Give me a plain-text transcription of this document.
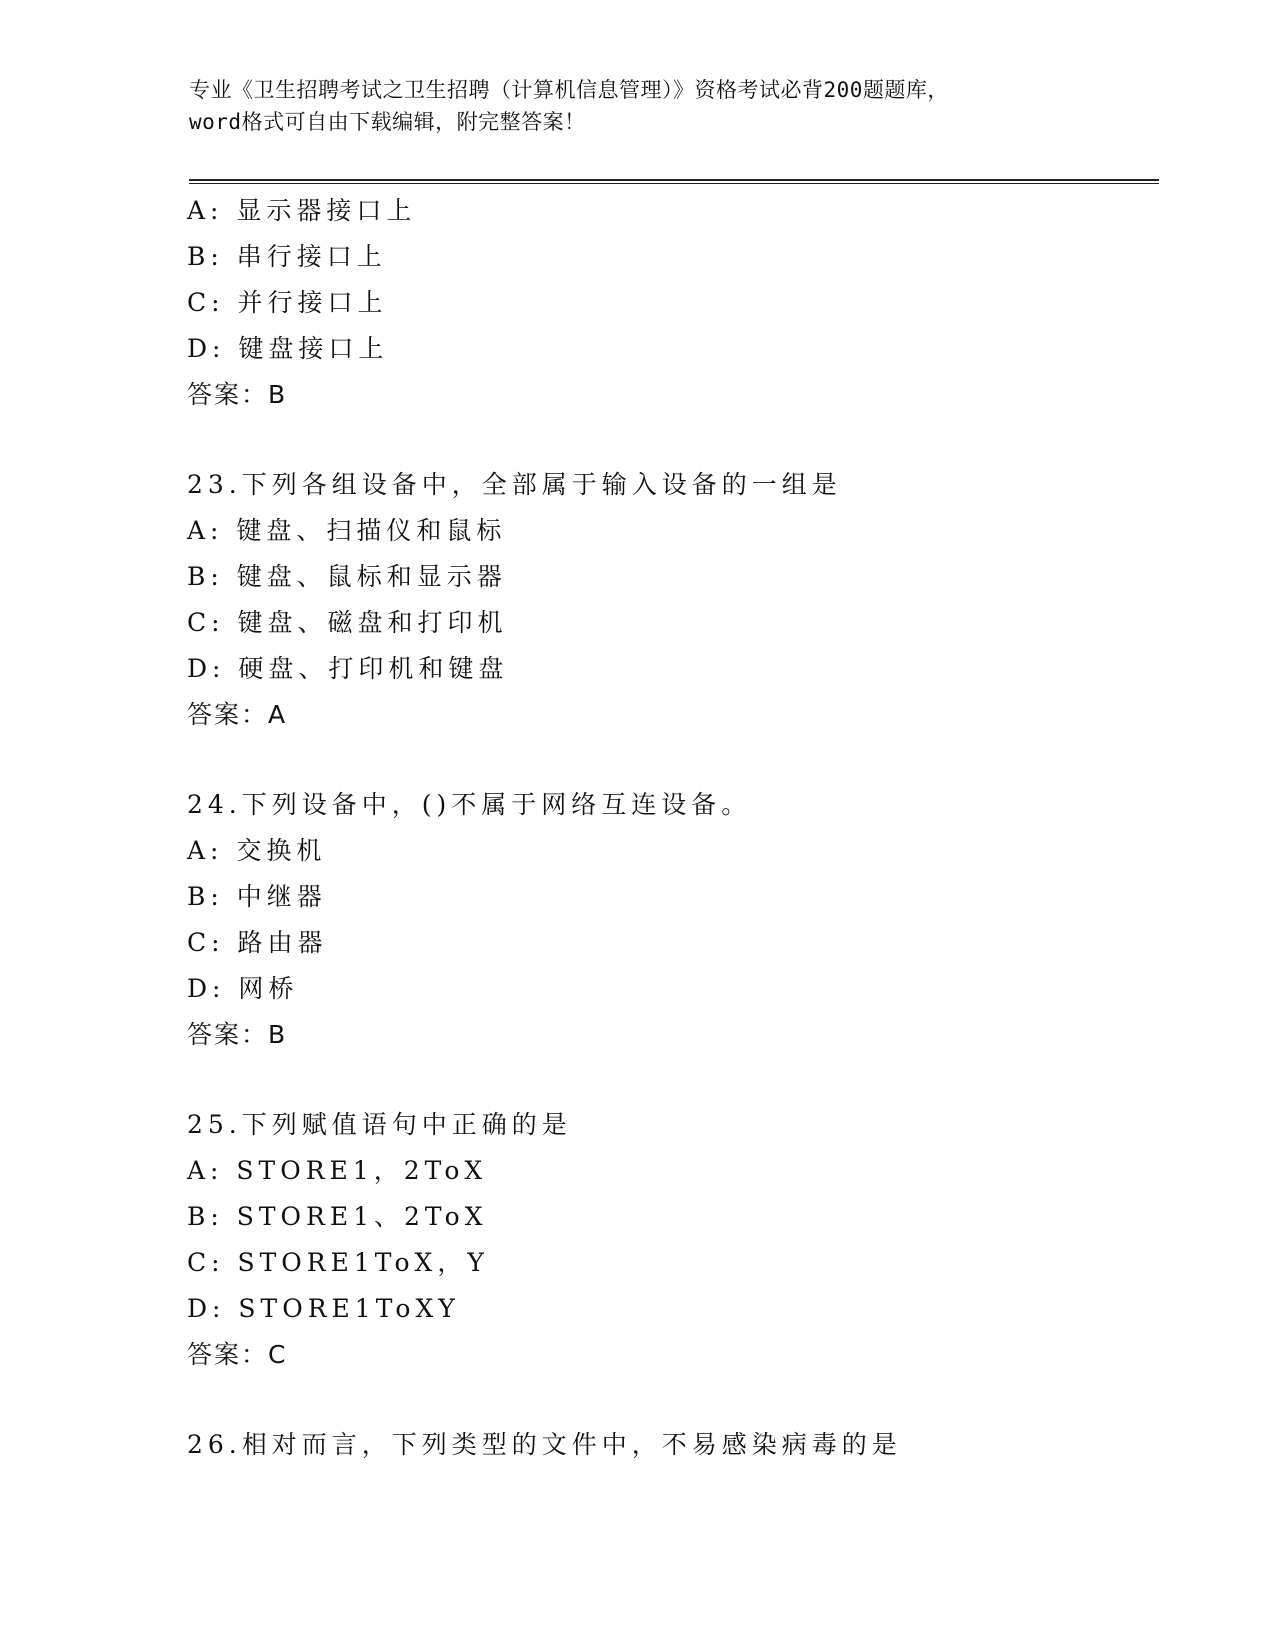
专业《卫生招聘考试之卫生招聘（计算机信息管理）》资格考试必背200题题库，
word格式可自由下载编辑，附完整答案！
A: 显示器接口上
B: 串行接口上
C: 并行接口上
D: 键盘接口上
答案：B
23.下列各组设备中，全部属于输入设备的一组是
A: 键盘、扫描仪和鼠标
B: 键盘、鼠标和显示器
C: 键盘、磁盘和打印机
D: 硬盘、打印机和键盘
答案：A
24.下列设备中，()不属于网络互连设备。
A: 交换机
B: 中继器
C: 路由器
D: 网桥
答案：B
25.下列赋值语句中正确的是
A: STORE1，2ToX
B: STORE1、2ToX
C: STORE1ToX，Y
D: STORE1ToXY
答案：C
26.相对而言，下列类型的文件中，不易感染病毒的是
